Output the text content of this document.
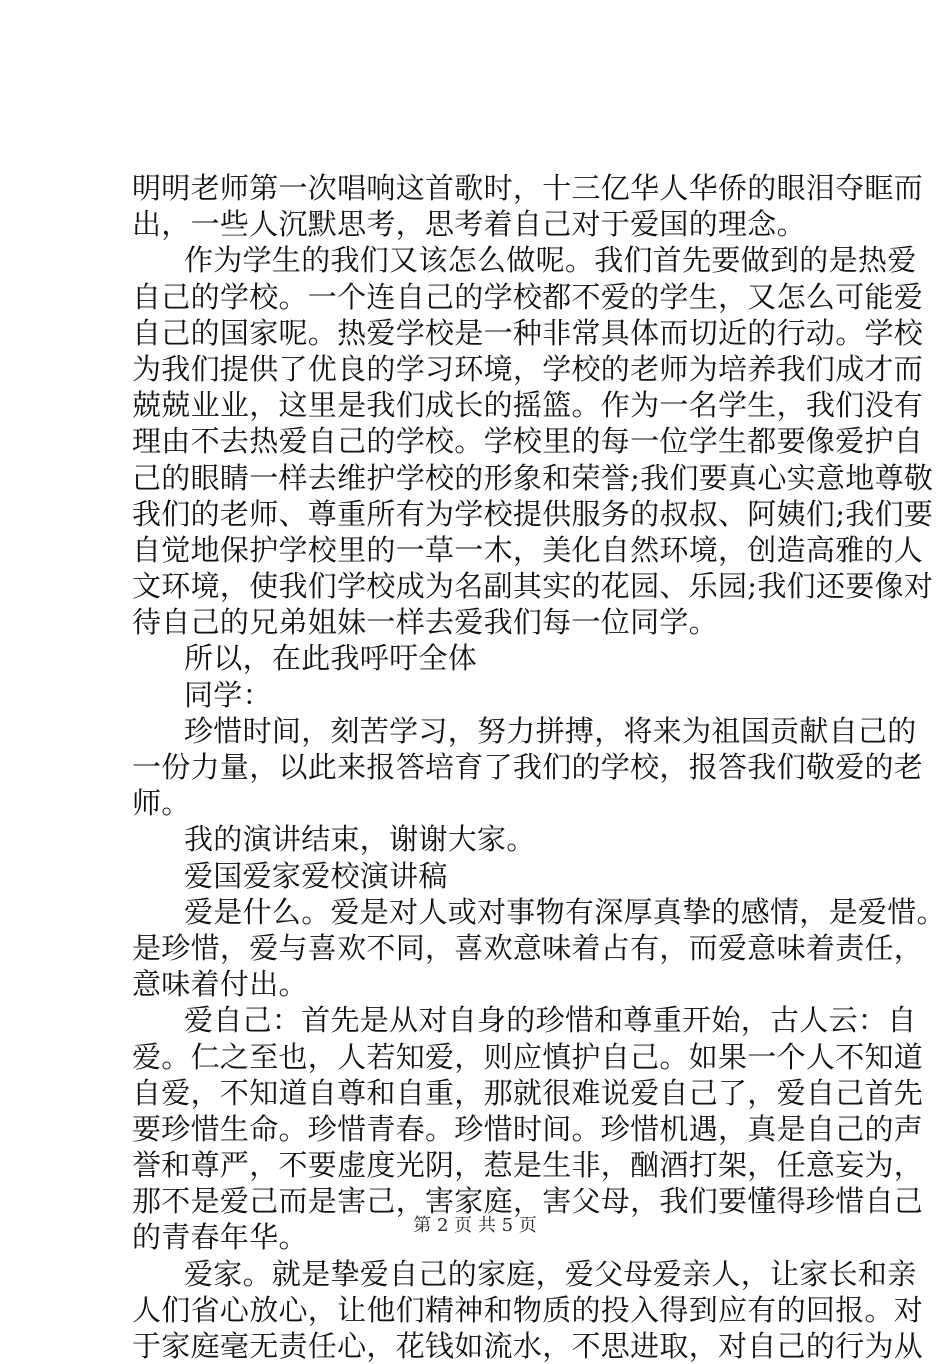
明明老师第一次唱响这首歌时，十三亿华人华侨的眼泪夺眶而
出，一些人沉默思考，思考着自己对于爱国的理念。
作为学生的我们又该怎么做呢。我们首先要做到的是热爱
自己的学校。一个连自己的学校都不爱的学生，又怎么可能爱
自己的国家呢。热爱学校是一种非常具体而切近的行动。学校
为我们提供了优良的学习环境，学校的老师为培养我们成才而
兢兢业业，这里是我们成长的摇篮。作为一名学生，我们没有
理由不去热爱自己的学校。学校里的每一位学生都要像爱护自
己的眼睛一样去维护学校的形象和荣誉;我们要真心实意地尊敬
我们的老师、尊重所有为学校提供服务的叔叔、阿姨们;我们要
自觉地保护学校里的一草一木，美化自然环境，创造高雅的人
文环境，使我们学校成为名副其实的花园、乐园;我们还要像对
待自己的兄弟姐妹一样去爱我们每一位同学。
所以，在此我呼吁全体
同学：
珍惜时间，刻苦学习，努力拼搏，将来为祖国贡献自己的
一份力量，以此来报答培育了我们的学校，报答我们敬爱的老
师。
我的演讲结束，谢谢大家。
爱国爱家爱校演讲稿
爱是什么。爱是对人或对事物有深厚真挚的感情，是爱惜。
是珍惜，爱与喜欢不同，喜欢意味着占有，而爱意味着责任，
意味着付出。
爱自己：首先是从对自身的珍惜和尊重开始，古人云：自
爱。仁之至也，人若知爱，则应慎护自己。如果一个人不知道
自爱，不知道自尊和自重，那就很难说爱自己了，爱自己首先
要珍惜生命。珍惜青春。珍惜时间。珍惜机遇，真是自己的声
誉和尊严，不要虚度光阴，惹是生非，酗酒打架，任意妄为，
那不是爱己而是害己，害家庭，害父母，我们要懂得珍惜自己
的青春年华。
爱家。就是挚爱自己的家庭，爱父母爱亲人，让家长和亲
人们省心放心，让他们精神和物质的投入得到应有的回报。对
于家庭毫无责任心，花钱如流水，不思进取，对自己的行为从
第 2 页 共 5 页
